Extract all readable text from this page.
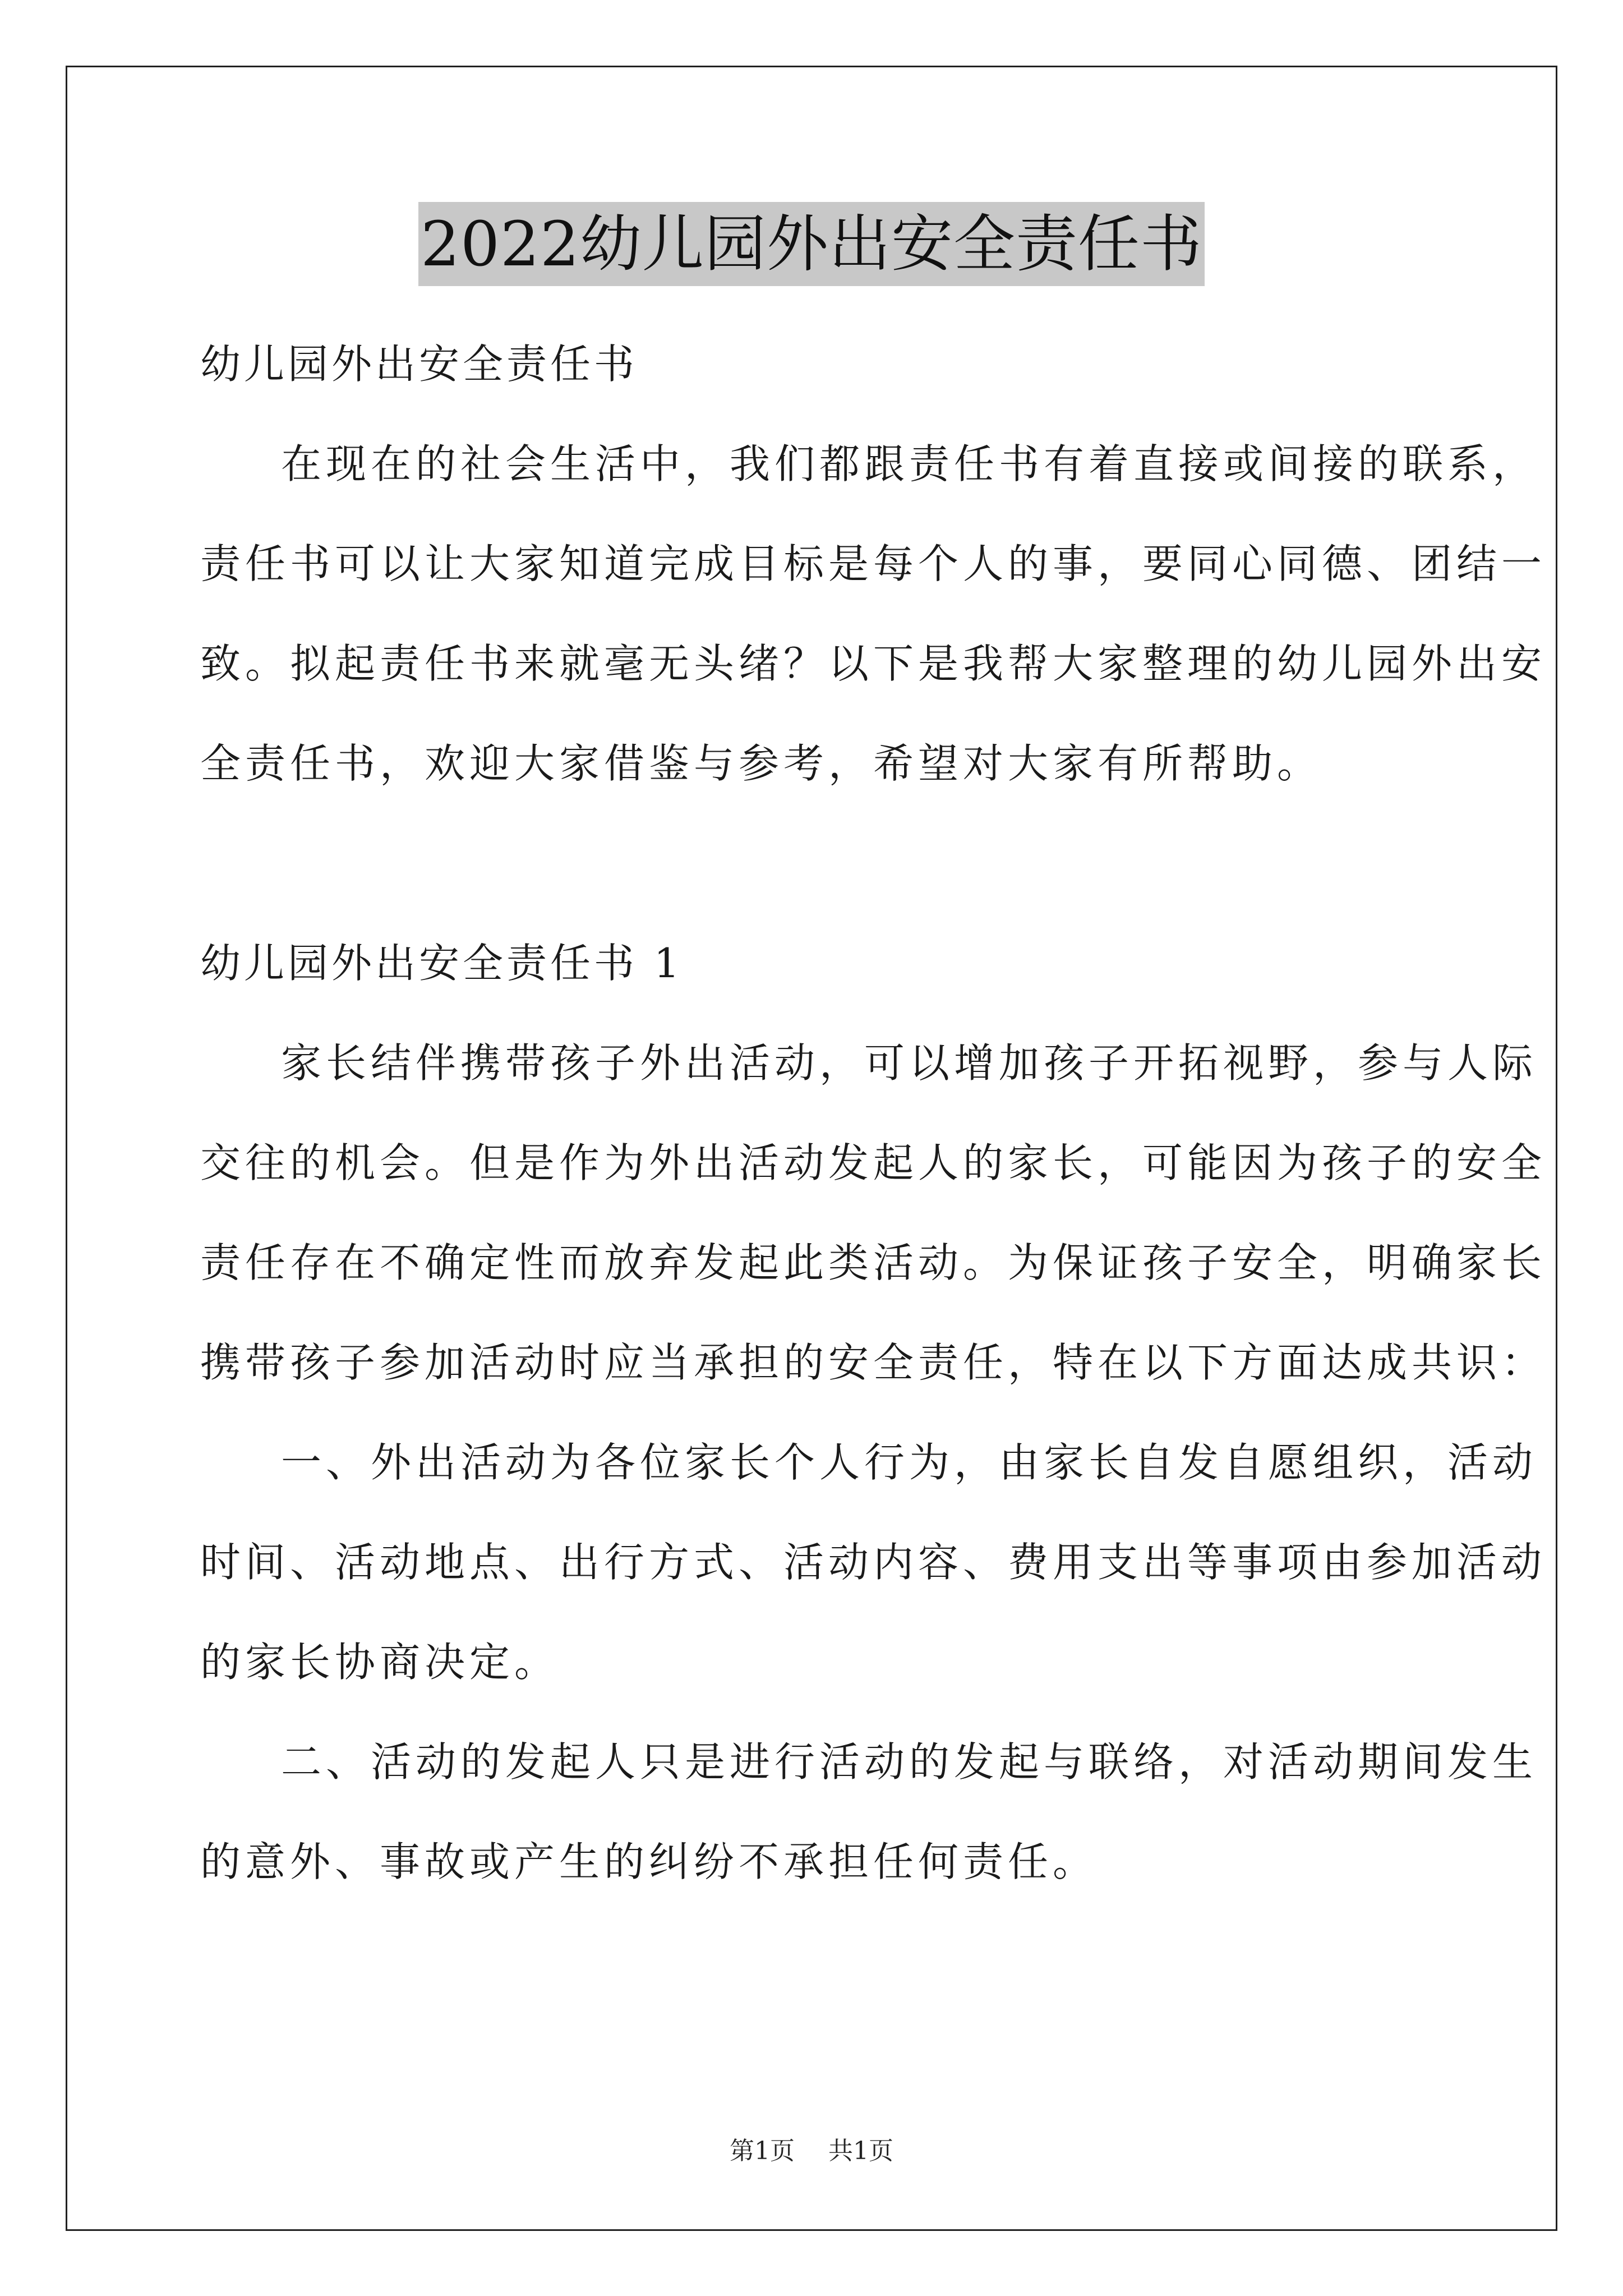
2022幼儿园外出安全责任书
幼儿园外出安全责任书
在现在的社会生活中，我们都跟责任书有着直接或间接的联系，
责任书可以让大家知道完成目标是每个人的事，要同心同德、团结一
致。拟起责任书来就毫无头绪？以下是我帮大家整理的幼儿园外出安
全责任书，欢迎大家借鉴与参考，希望对大家有所帮助。
幼儿园外出安全责任书 1
家长结伴携带孩子外出活动，可以增加孩子开拓视野，参与人际
交往的机会。但是作为外出活动发起人的家长，可能因为孩子的安全
责任存在不确定性而放弃发起此类活动。为保证孩子安全，明确家长
携带孩子参加活动时应当承担的安全责任，特在以下方面达成共识：
一、外出活动为各位家长个人行为，由家长自发自愿组织，活动
时间、活动地点、出行方式、活动内容、费用支出等事项由参加活动
的家长协商决定。
二、活动的发起人只是进行活动的发起与联络，对活动期间发生
的意外、事故或产生的纠纷不承担任何责任。
第1页 共1页
